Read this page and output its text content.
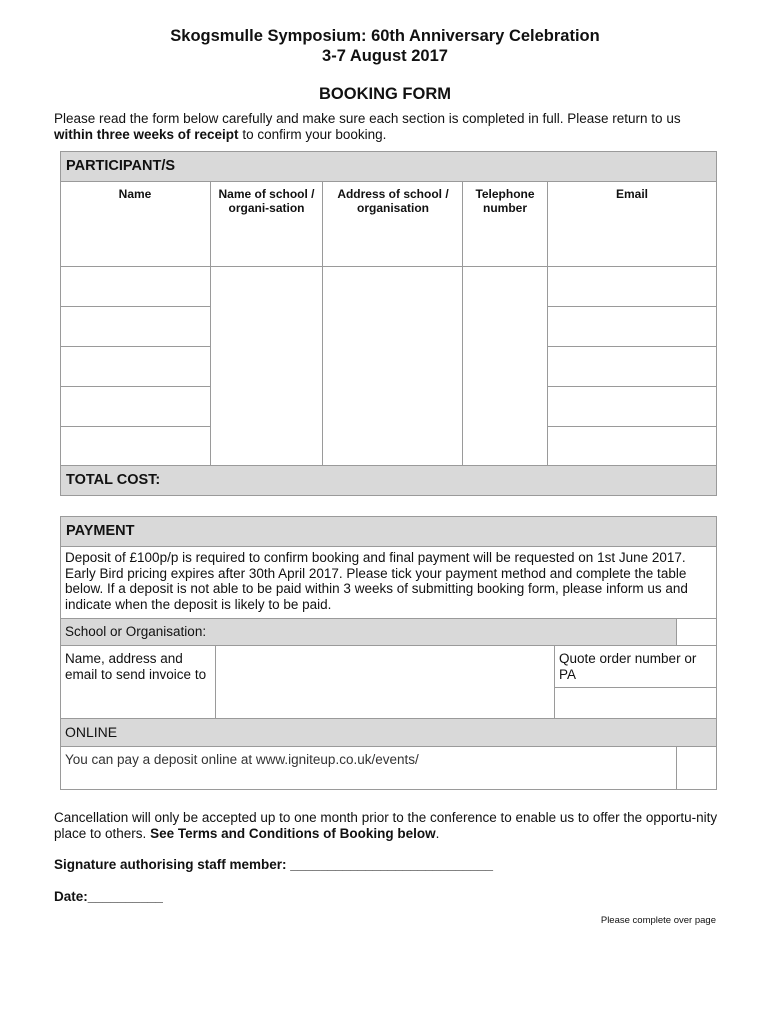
Skogsmulle Symposium: 60th Anniversary Celebration
3-7 August 2017
BOOKING FORM
Please read the form below carefully and make sure each section is completed in full. Please return to us
within three weeks of receipt to confirm your booking.
PARTICIPANT/S
Name	Name of school / organi-sation
Address of school / organisation
Telephone number
Email
TOTAL COST:
PAYMENT
Deposit of £100p/p is required to confirm booking and final payment will be requested on 1st June 2017. Early Bird pricing expires after 30th April 2017. Please tick your payment method and complete the table below. If a deposit is not able to be paid within 3 weeks of submitting booking form, please inform us and indicate when the deposit is likely to be paid.
School or Organisation:
Name, address and email to send invoice to
Quote order number or PA
ONLINE
You can pay a deposit online at www.igniteup.co.uk/events/
Cancellation will only be accepted up to one month prior to the conference to enable us to offer the opportu-nity place to others. See Terms and Conditions of Booking below.
Signature authorising staff member: ___________________________
Date:__________
Please complete over page
